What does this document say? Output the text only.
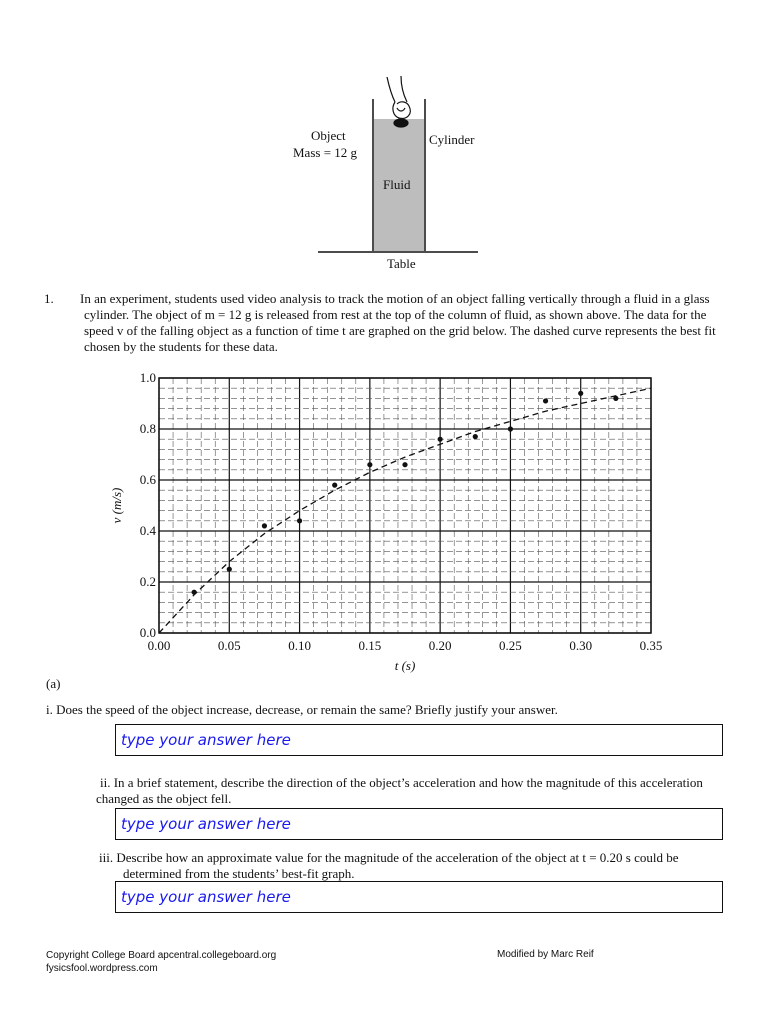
Object
Mass = 12 g
Cylinder
Fluid
Table
1. In an experiment, students used video analysis to track the motion of an object falling vertically through a fluid in a glass cylinder. The object of m = 12 g is released from rest at the top of the column of fluid, as shown above. The data for the speed v of the falling object as a function of time t are graphed on the grid below. The dashed curve represents the best fit chosen by the students for these data.
0.00	0.05	0.10	0.15	0.20	0.25	0.30	0.35
0.0
0.2
0.4
0.6
0.8
1.0
t (s)
v (m/s)
(a)
i. Does the speed of the object increase, decrease, or remain the same? Briefly justify your answer.
type your answer here
ii. In a brief statement, describe the direction of the object’s acceleration and how the magnitude of this acceleration changed as the object fell.
type your answer here
iii. Describe how an approximate value for the magnitude of the acceleration of the object at t = 0.20 s could be determined from the students’ best-fit graph.
type your answer here
Copyright College Board apcentral.collegeboard.org
fysicsfool.wordpress.com
Modified by Marc Reif
